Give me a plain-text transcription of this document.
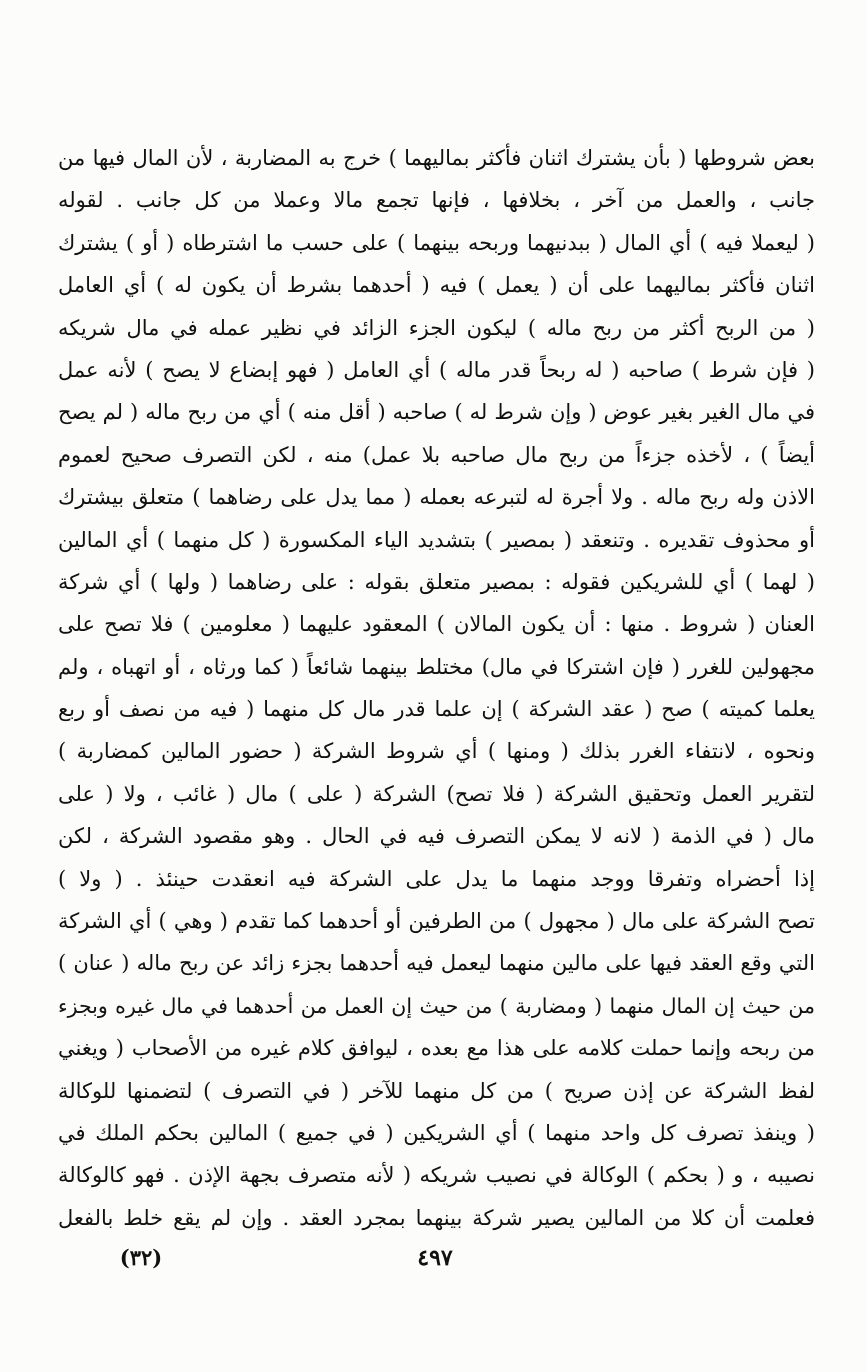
بعض شروطها ( بأن يشترك اثنان فأكثر بماليهما ) خرج به المضاربة ، لأن المال فيها من
جانب ، والعمل من آخر ، بخلافها ، فإنها تجمع مالا وعملا من كل جانب . لقوله
( ليعملا فيه ) أي المال ( ببدنيهما وربحه بينهما ) على حسب ما اشترطاه ( أو ) يشترك
اثنان فأكثر بماليهما على أن ( يعمل ) فيه ( أحدهما بشرط أن يكون له ) أي العامل
( من الربح أكثر من ربح ماله ) ليكون الجزء الزائد في نظير عمله في مال شريكه
( فإن شرط ) صاحبه ( له ربحاً قدر ماله ) أي العامل ( فهو إبضاع لا يصح ) لأنه عمل
في مال الغير بغير عوض ( وإن شرط له ) صاحبه ( أقل منه ) أي من ربح ماله ( لم يصح
أيضاً ) ، لأخذه جزءاً من ربح مال صاحبه بلا عمل) منه ، لكن التصرف صحيح لعموم
الاذن وله ربح ماله . ولا أجرة له لتبرعه بعمله ( مما يدل على رضاهما ) متعلق بيشترك
أو محذوف تقديره . وتنعقد ( بمصير ) بتشديد الياء المكسورة ( كل منهما ) أي المالين
( لهما ) أي للشريكين فقوله : بمصير متعلق بقوله : على رضاهما ( ولها ) أي شركة
العنان ( شروط . منها : أن يكون المالان ) المعقود عليهما ( معلومين ) فلا تصح على
مجهولين للغرر ( فإن اشتركا في مال) مختلط بينهما شائعاً ( كما ورثاه ، أو اتهباه ، ولم
يعلما كميته ) صح ( عقد الشركة ) إن علما قدر مال كل منهما ( فيه من نصف أو ربع
ونحوه ، لانتفاء الغرر بذلك ( ومنها ) أي شروط الشركة ( حضور المالين كمضاربة )
لتقرير العمل وتحقيق الشركة ( فلا تصح) الشركة ( على ) مال ( غائب ، ولا ( على
مال ( في الذمة ( لانه لا يمكن التصرف فيه في الحال . وهو مقصود الشركة ، لكن
إذا أحضراه وتفرقا ووجد منهما ما يدل على الشركة فيه انعقدت حينئذ . ( ولا )
تصح الشركة على مال ( مجهول ) من الطرفين أو أحدهما كما تقدم ( وهي ) أي الشركة
التي وقع العقد فيها على مالين منهما ليعمل فيه أحدهما بجزء زائد عن ربح ماله ( عنان )
من حيث إن المال منهما ( ومضاربة ) من حيث إن العمل من أحدهما في مال غيره وبجزء
من ربحه وإنما حملت كلامه على هذا مع بعده ، ليوافق كلام غيره من الأصحاب ( ويغني
لفظ الشركة عن إذن صريح ) من كل منهما للآخر ( في التصرف ) لتضمنها للوكالة
( وينفذ تصرف كل واحد منهما ) أي الشريكين ( في جميع ) المالين بحكم الملك في
نصيبه ، و ( بحكم ) الوكالة في نصيب شريكه ( لأنه متصرف بجهة الإذن . فهو كالوكالة
فعلمت أن كلا من المالين يصير شركة بينهما بمجرد العقد . وإن لم يقع خلط بالفعل
٤٩٧
(٣٢)
